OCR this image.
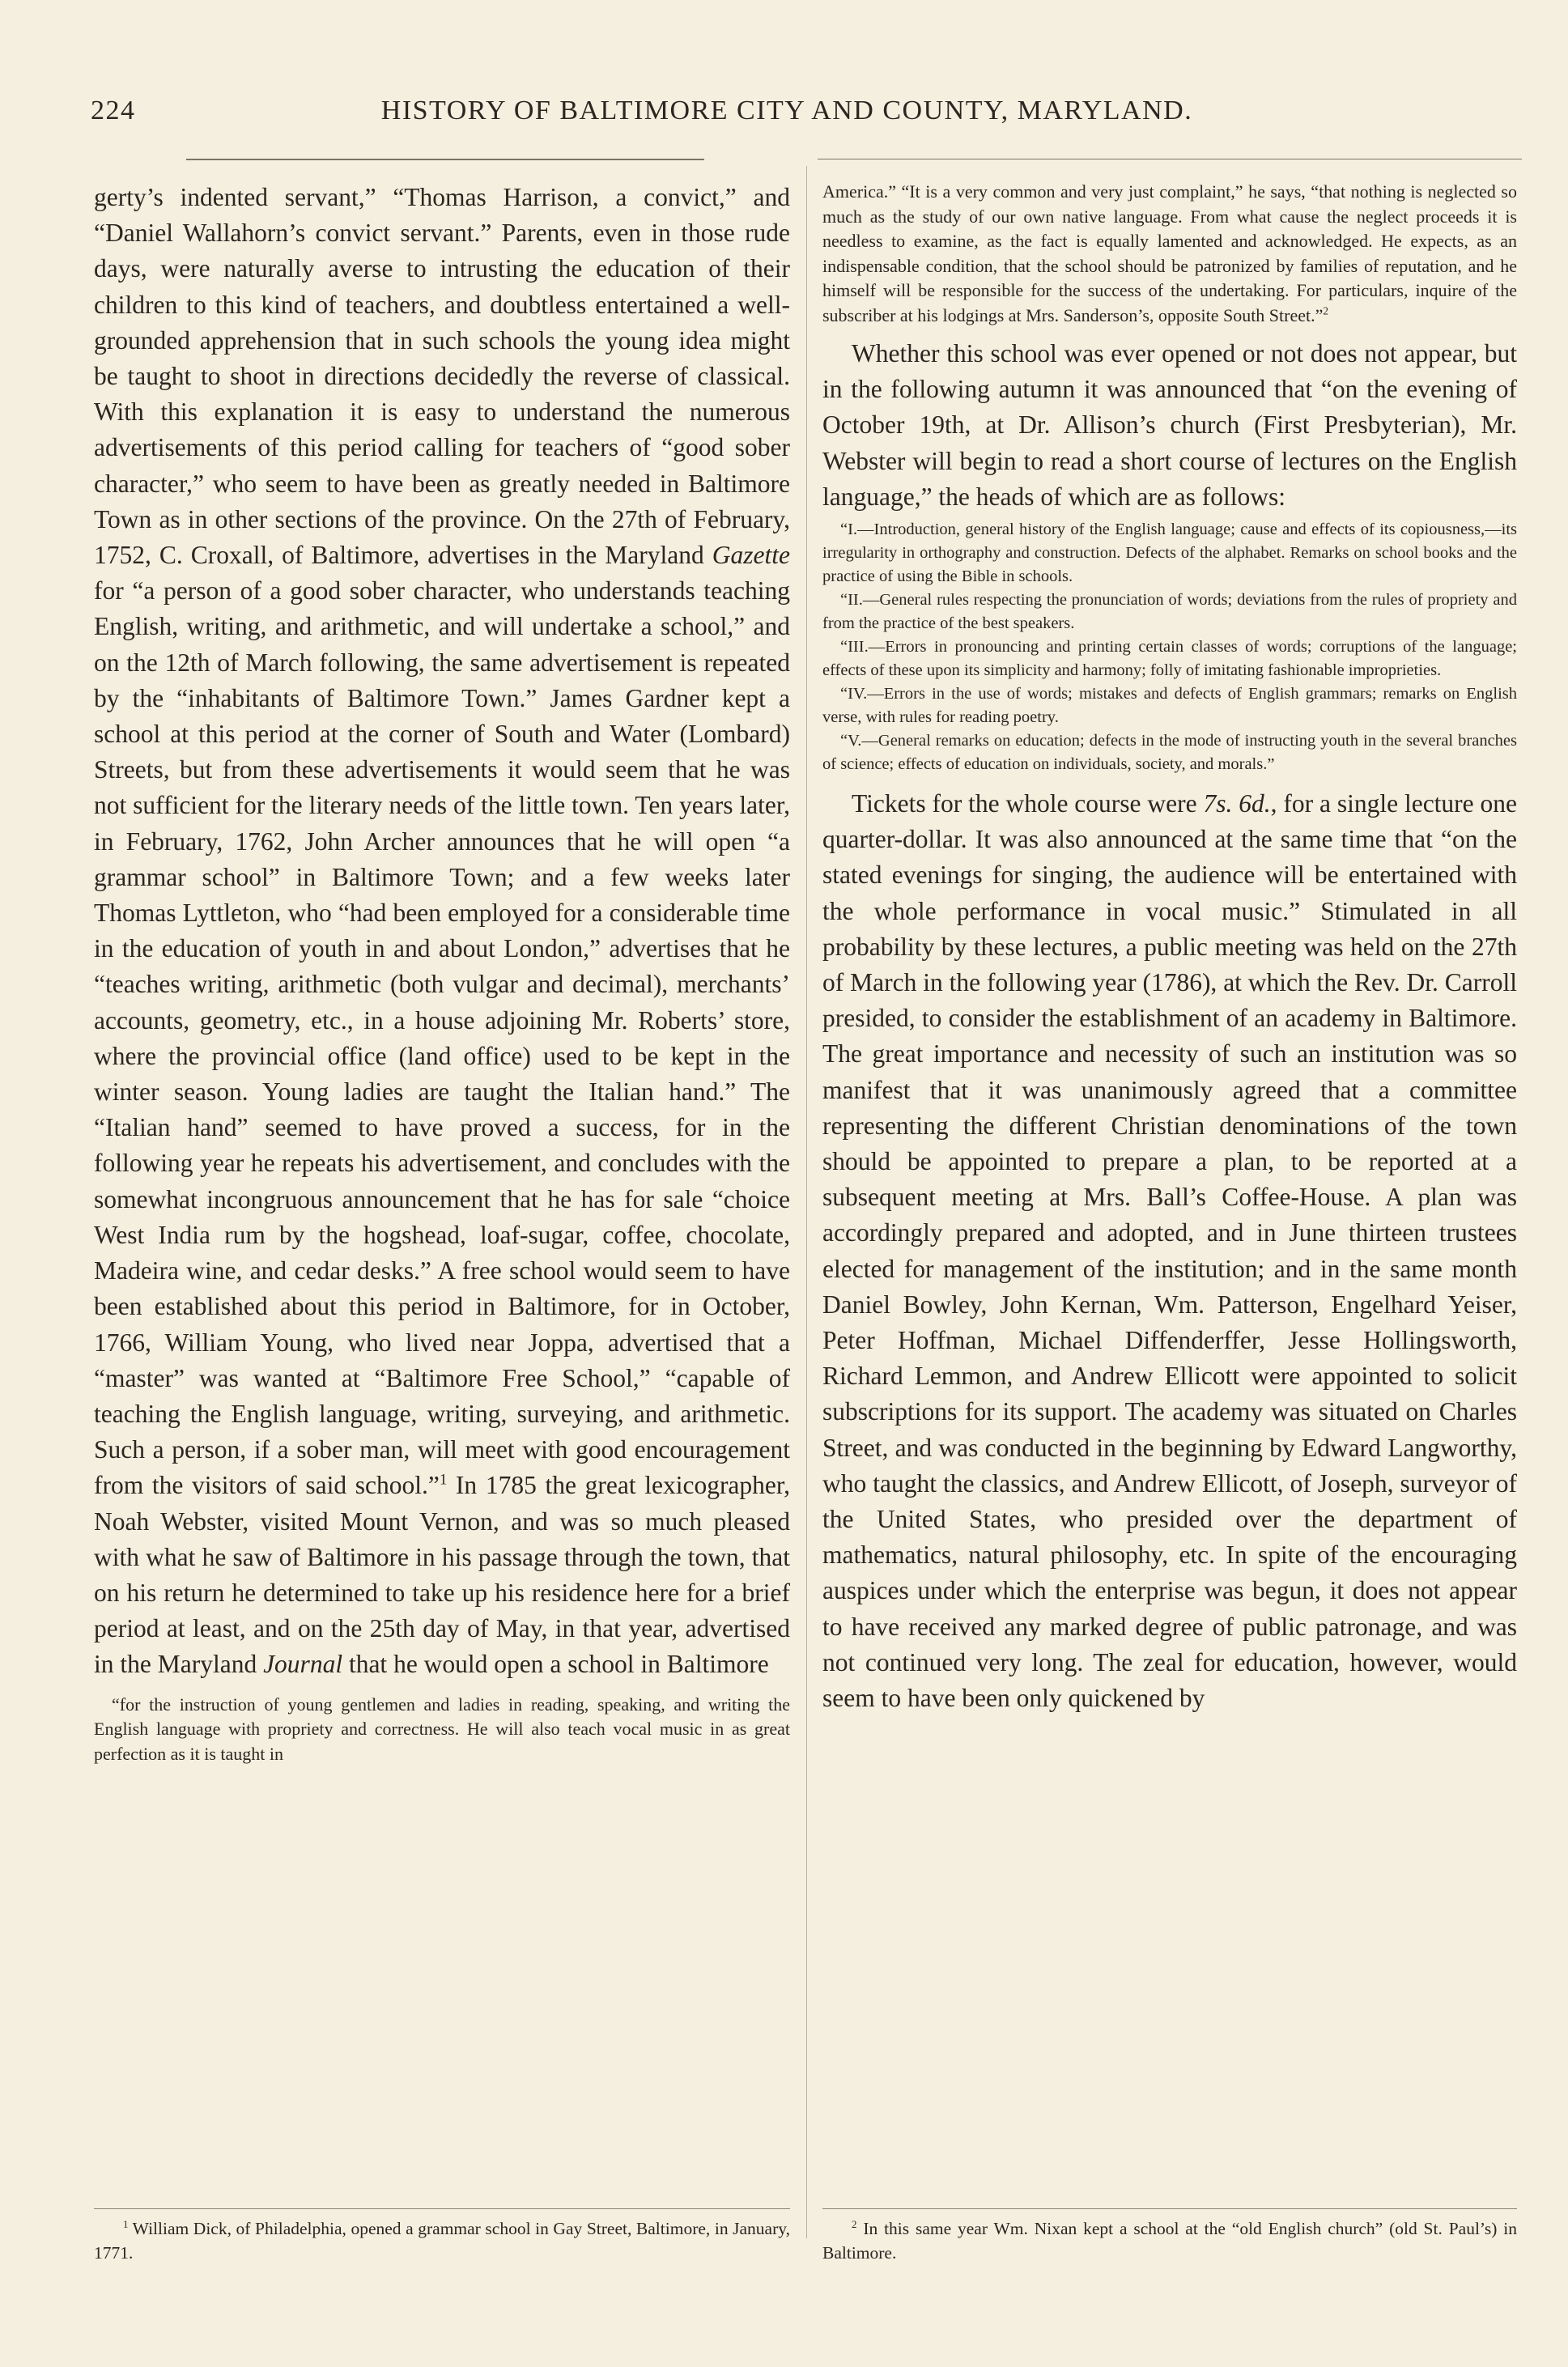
224	HISTORY OF BALTIMORE CITY AND COUNTY, MARYLAND.

gerty’s indented servant,” “Thomas Harrison, a convict,” and “Daniel Wallahorn’s convict servant.” Parents, even in those rude days, were naturally averse to intrusting the education of their children to this kind of teachers, and doubtless entertained a well-grounded apprehension that in such schools the young idea might be taught to shoot in directions decidedly the reverse of classical. With this explanation it is easy to understand the numerous advertisements of this period calling for teachers of “good sober character,” who seem to have been as greatly needed in Baltimore Town as in other sections of the province. On the 27th of February, 1752, C. Croxall, of Baltimore, advertises in the Maryland Gazette for “a person of a good sober character, who understands teaching English, writing, and arithmetic, and will undertake a school,” and on the 12th of March following, the same advertisement is repeated by the “inhabitants of Baltimore Town.” James Gardner kept a school at this period at the corner of South and Water (Lombard) Streets, but from these advertisements it would seem that he was not sufficient for the literary needs of the little town. Ten years later, in February, 1762, John Archer announces that he will open “a grammar school” in Baltimore Town; and a few weeks later Thomas Lyttleton, who “had been employed for a considerable time in the education of youth in and about London,” advertises that he “teaches writing, arithmetic (both vulgar and decimal), merchants’ accounts, geometry, etc., in a house adjoining Mr. Roberts’ store, where the provincial office (land office) used to be kept in the winter season. Young ladies are taught the Italian hand.” The “Italian hand” seemed to have proved a success, for in the following year he repeats his advertisement, and concludes with the somewhat incongruous announcement that he has for sale “choice West India rum by the hogshead, loaf-sugar, coffee, chocolate, Madeira wine, and cedar desks.” A free school would seem to have been established about this period in Baltimore, for in October, 1766, William Young, who lived near Joppa, advertised that a “master” was wanted at “Baltimore Free School,” “capable of teaching the English language, writing, surveying, and arithmetic. Such a person, if a sober man, will meet with good encouragement from the visitors of said school.”$^1$ In 1785 the great lexicographer, Noah Webster, visited Mount Vernon, and was so much pleased with what he saw of Baltimore in his passage through the town, that on his return he determined to take up his residence here for a brief period at least, and on the 25th day of May, in that year, advertised in the Maryland Journal that he would open a school in Baltimore

“for the instruction of young gentlemen and ladies in reading, speaking, and writing the English language with propriety and correctness. He will also teach vocal music in as great perfection as it is taught in

America.” “It is a very common and very just complaint,” he says, “that nothing is neglected so much as the study of our own native language. From what cause the neglect proceeds it is needless to examine, as the fact is equally lamented and acknowledged. He expects, as an indispensable condition, that the school should be patronized by families of reputation, and he himself will be responsible for the success of the undertaking. For particulars, inquire of the subscriber at his lodgings at Mrs. Sanderson’s, opposite South Street.”$^2$

Whether this school was ever opened or not does not appear, but in the following autumn it was announced that “on the evening of October 19th, at Dr. Allison’s church (First Presbyterian), Mr. Webster will begin to read a short course of lectures on the English language,” the heads of which are as follows:

“I.—Introduction, general history of the English language; cause and effects of its copiousness,—its irregularity in orthography and construction. Defects of the alphabet. Remarks on school books and the practice of using the Bible in schools.

“II.—General rules respecting the pronunciation of words; deviations from the rules of propriety and from the practice of the best speakers.

“III.—Errors in pronouncing and printing certain classes of words; corruptions of the language; effects of these upon its simplicity and harmony; folly of imitating fashionable improprieties.

“IV.—Errors in the use of words; mistakes and defects of English grammars; remarks on English verse, with rules for reading poetry.

“V.—General remarks on education; defects in the mode of instructing youth in the several branches of science; effects of education on individuals, society, and morals.”

Tickets for the whole course were 7s. 6d., for a single lecture one quarter-dollar. It was also announced at the same time that “on the stated evenings for singing, the audience will be entertained with the whole performance in vocal music.” Stimulated in all probability by these lectures, a public meeting was held on the 27th of March in the following year (1786), at which the Rev. Dr. Carroll presided, to consider the establishment of an academy in Baltimore. The great importance and necessity of such an institution was so manifest that it was unanimously agreed that a committee representing the different Christian denominations of the town should be appointed to prepare a plan, to be reported at a subsequent meeting at Mrs. Ball’s Coffee-House. A plan was accordingly prepared and adopted, and in June thirteen trustees elected for management of the institution; and in the same month Daniel Bowley, John Kernan, Wm. Patterson, Engelhard Yeiser, Peter Hoffman, Michael Diffenderffer, Jesse Hollingsworth, Richard Lemmon, and Andrew Ellicott were appointed to solicit subscriptions for its support. The academy was situated on Charles Street, and was conducted in the beginning by Edward Langworthy, who taught the classics, and Andrew Ellicott, of Joseph, surveyor of the United States, who presided over the department of mathematics, natural philosophy, etc. In spite of the encouraging auspices under which the enterprise was begun, it does not appear to have received any marked degree of public patronage, and was not continued very long. The zeal for education, however, would seem to have been only quickened by

$^1$ William Dick, of Philadelphia, opened a grammar school in Gay Street, Baltimore, in January, 1771.
$^2$ In this same year Wm. Nixan kept a school at the “old English church” (old St. Paul’s) in Baltimore.
